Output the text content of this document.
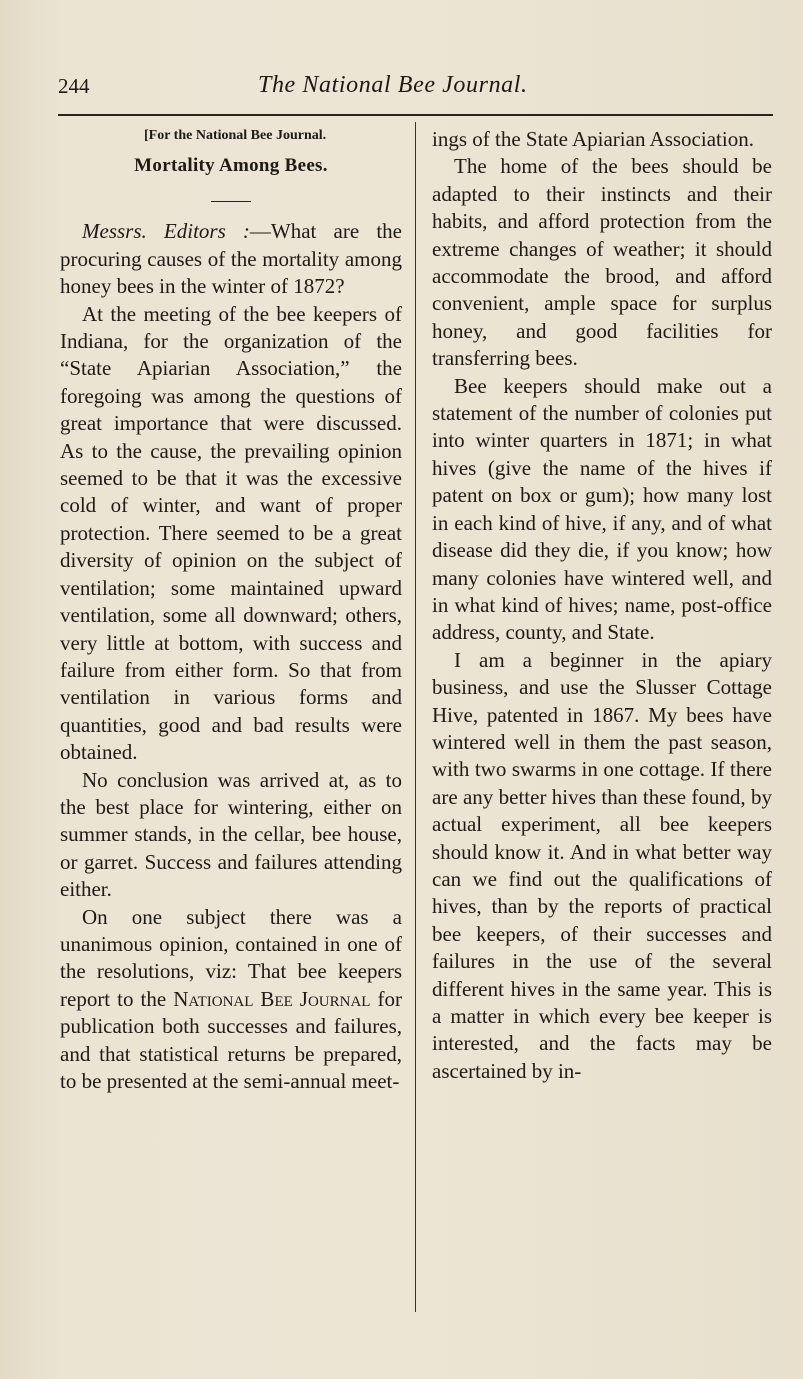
244	The National Bee Journal.
[For the National Bee Journal.
Mortality Among Bees.

Messrs. Editors :—What are the procuring causes of the mortality among honey bees in the winter of 1872?

At the meeting of the bee keepers of Indiana, for the organization of the “State Apiarian Association,” the foregoing was among the questions of great importance that were discussed. As to the cause, the prevailing opinion seemed to be that it was the excessive cold of winter, and want of proper protection. There seemed to be a great diversity of opinion on the subject of ventilation; some maintained upward ventilation, some all downward; others, very little at bottom, with success and failure from either form. So that from ventilation in various forms and quantities, good and bad results were obtained.

No conclusion was arrived at, as to the best place for wintering, either on summer stands, in the cellar, bee house, or garret. Success and failures attending either.

On one subject there was a unanimous opinion, contained in one of the resolutions, viz: That bee keepers report to the National Bee Journal for publication both successes and failures, and that statistical returns be prepared, to be presented at the semi-annual meet-

ings of the State Apiarian Association.

The home of the bees should be adapted to their instincts and their habits, and afford protection from the extreme changes of weather; it should accommodate the brood, and afford convenient, ample space for surplus honey, and good facilities for transferring bees.

Bee keepers should make out a statement of the number of colonies put into winter quarters in 1871; in what hives (give the name of the hives if patent on box or gum); how many lost in each kind of hive, if any, and of what disease did they die, if you know; how many colonies have wintered well, and in what kind of hives; name, post-office address, county, and State.

I am a beginner in the apiary business, and use the Slusser Cottage Hive, patented in 1867. My bees have wintered well in them the past season, with two swarms in one cottage. If there are any better hives than these found, by actual experiment, all bee keepers should know it. And in what better way can we find out the qualifications of hives, than by the reports of practical bee keepers, of their successes and failures in the use of the several different hives in the same year. This is a matter in which every bee keeper is interested, and the facts may be ascertained by in-
